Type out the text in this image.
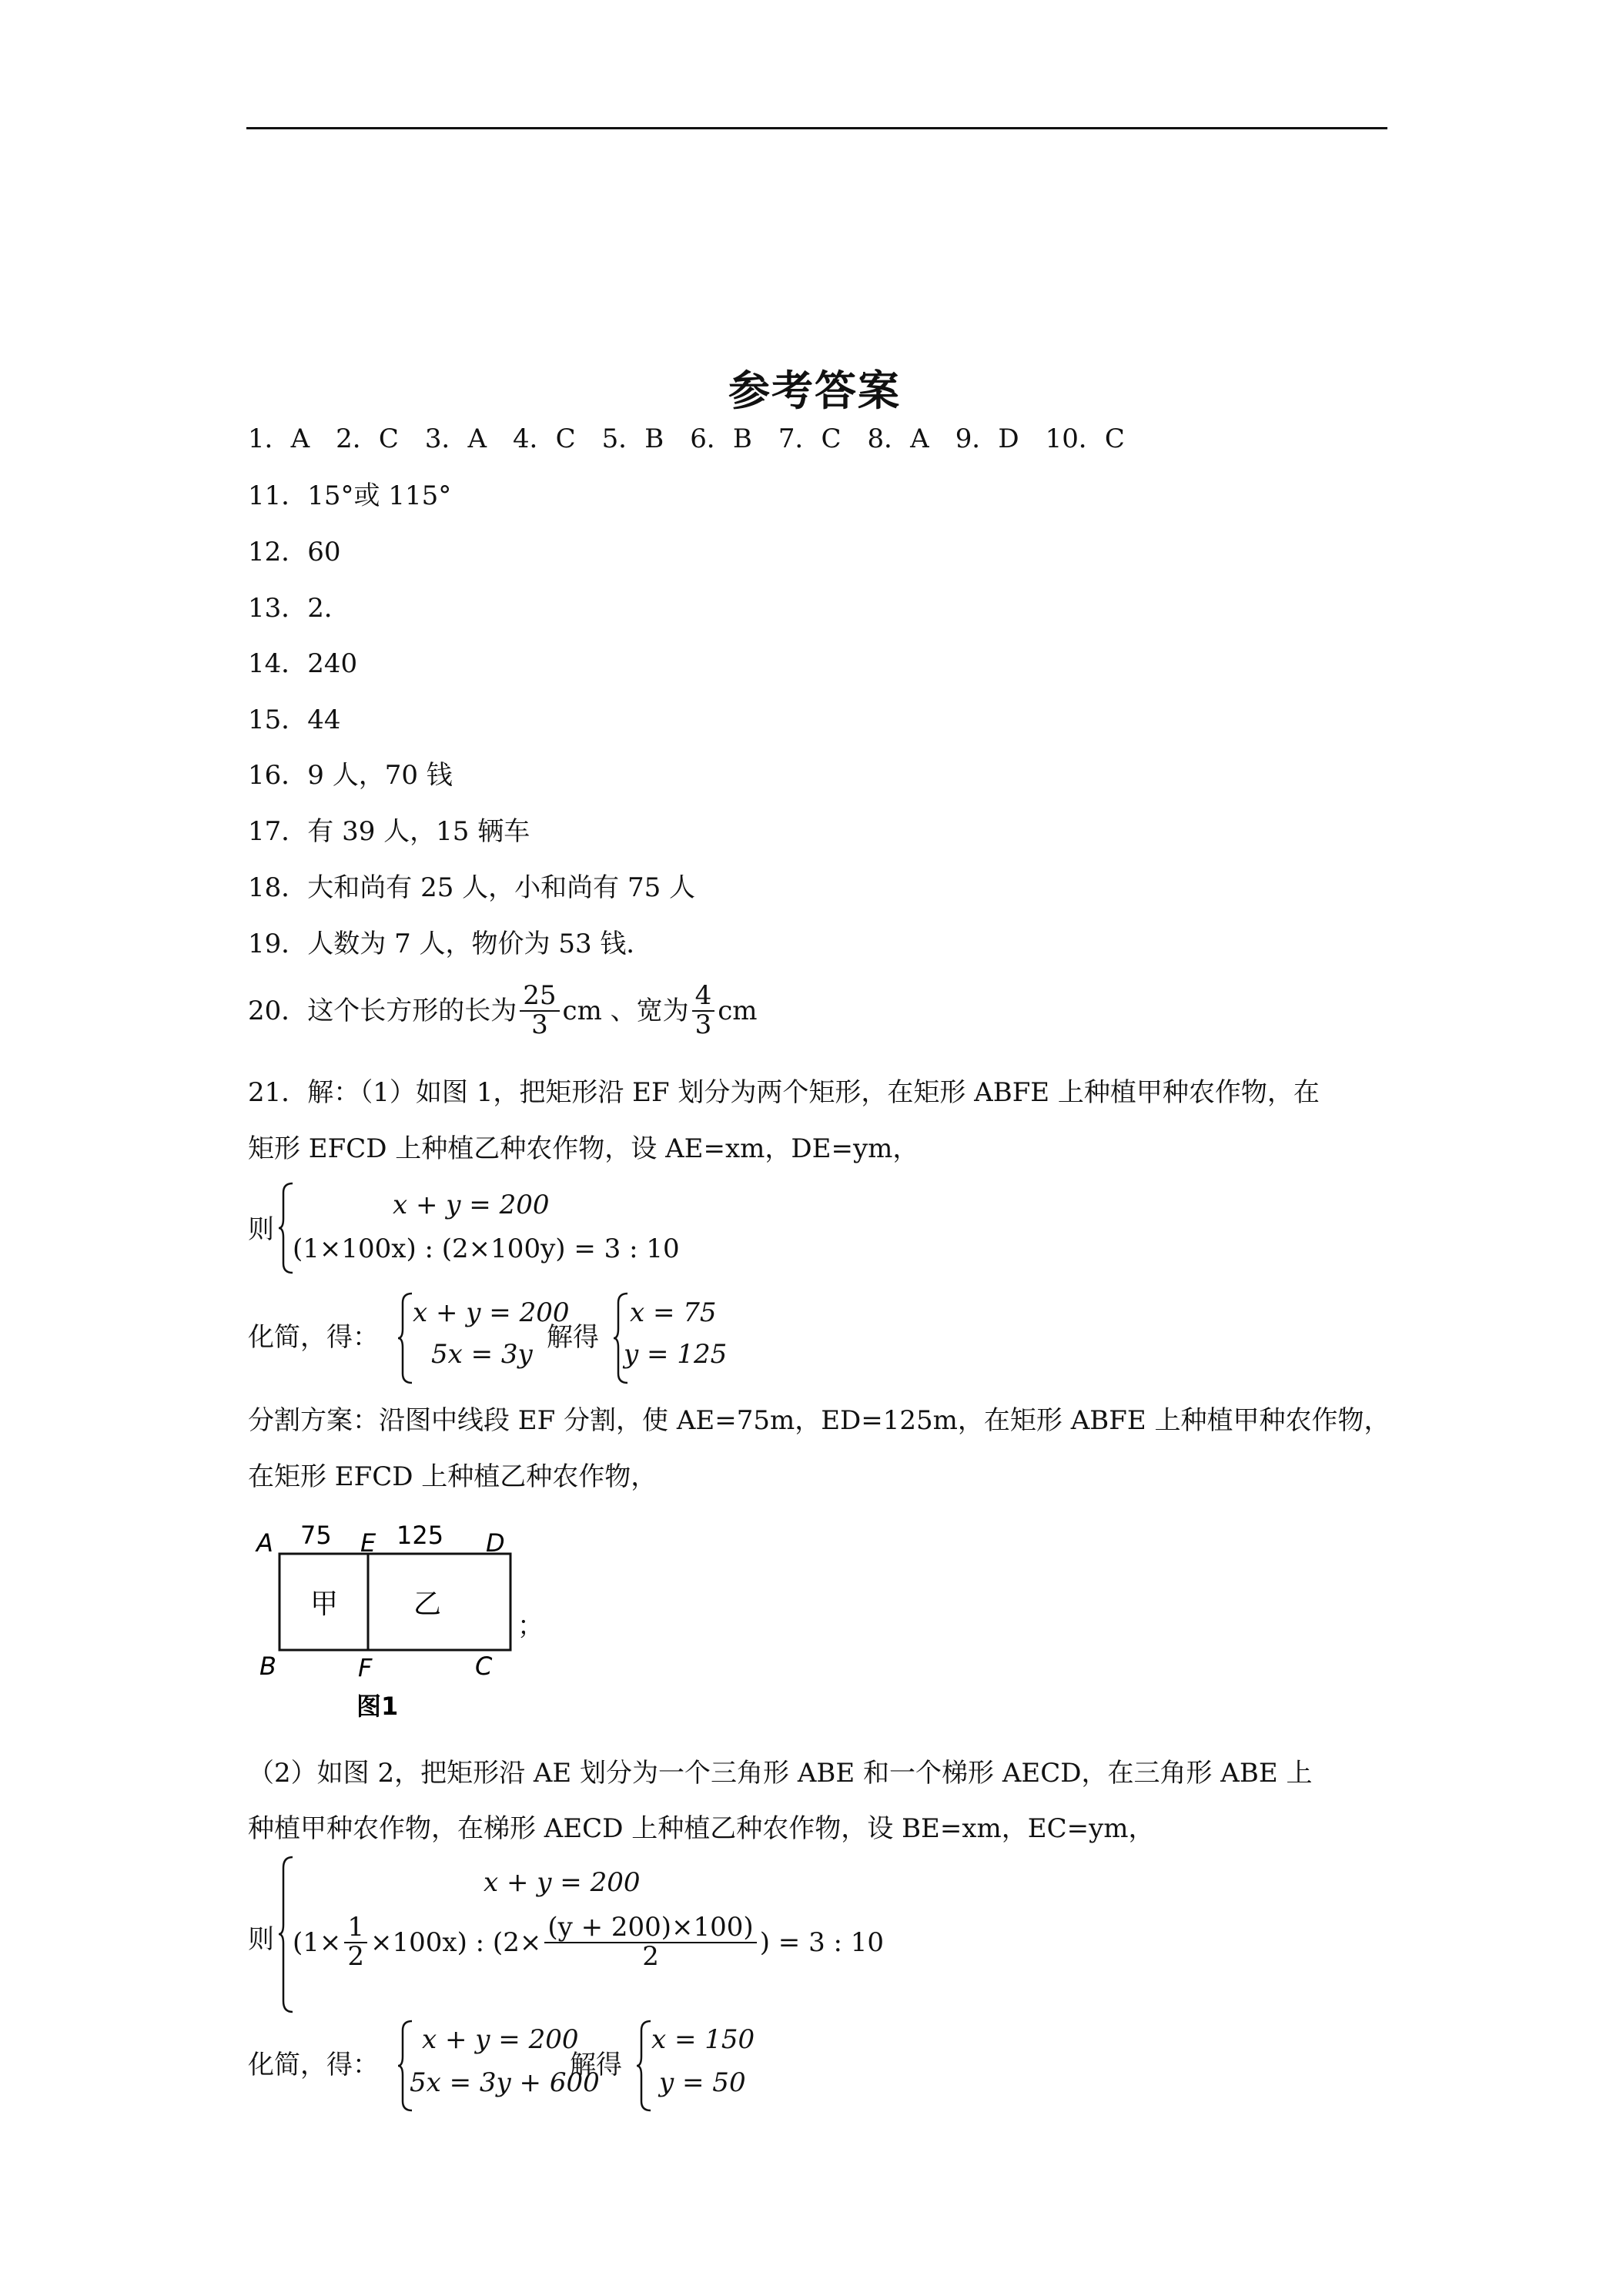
参考答案
1．A　2．C　3．A　4．C　5．B　6．B　7．C　8．A　9．D　10．C
11．15°或 115°
12．60
13．2．
14．240
15．44
16．9 人，70 钱
17．有 39 人，15 辆车
18．大和尚有 25 人，小和尚有 75 人
19．人数为 7 人，物价为 53 钱．
20．这个长方形的长为 $\frac{25}{3}$ cm 、宽为 $\frac{4}{3}$ cm
21．解：（1）如图 1，把矩形沿 EF 划分为两个矩形，在矩形 ABFE 上种植甲种农作物，在
矩形 EFCD 上种植乙种农作物，设 AE=xm，DE=ym，
则
x + y = 200
(1×100x) : (2×100y) = 3 : 10
化简，得：
x + y = 200
5x = 3y
解得
x = 75
y = 125
分割方案：沿图中线段 EF 分割，使 AE=75m，ED=125m，在矩形 ABFE 上种植甲种农作物，
在矩形 EFCD 上种植乙种农作物，
A 75 E 125 D
甲	乙
B	F	C
图1
；
（2）如图 2，把矩形沿 AE 划分为一个三角形 ABE 和一个梯形 AECD，在三角形 ABE 上
种植甲种农作物，在梯形 AECD 上种植乙种农作物，设 BE=xm，EC=ym，
则
x + y = 200
$(1\times \frac{1}{2} \times 100x)$ : ($2\times \frac{(y + 200)\times 100)}{2}$ ) = 3 : 10
化简，得：
x + y = 200
5x = 3y + 600
解得
x = 150
y = 50
